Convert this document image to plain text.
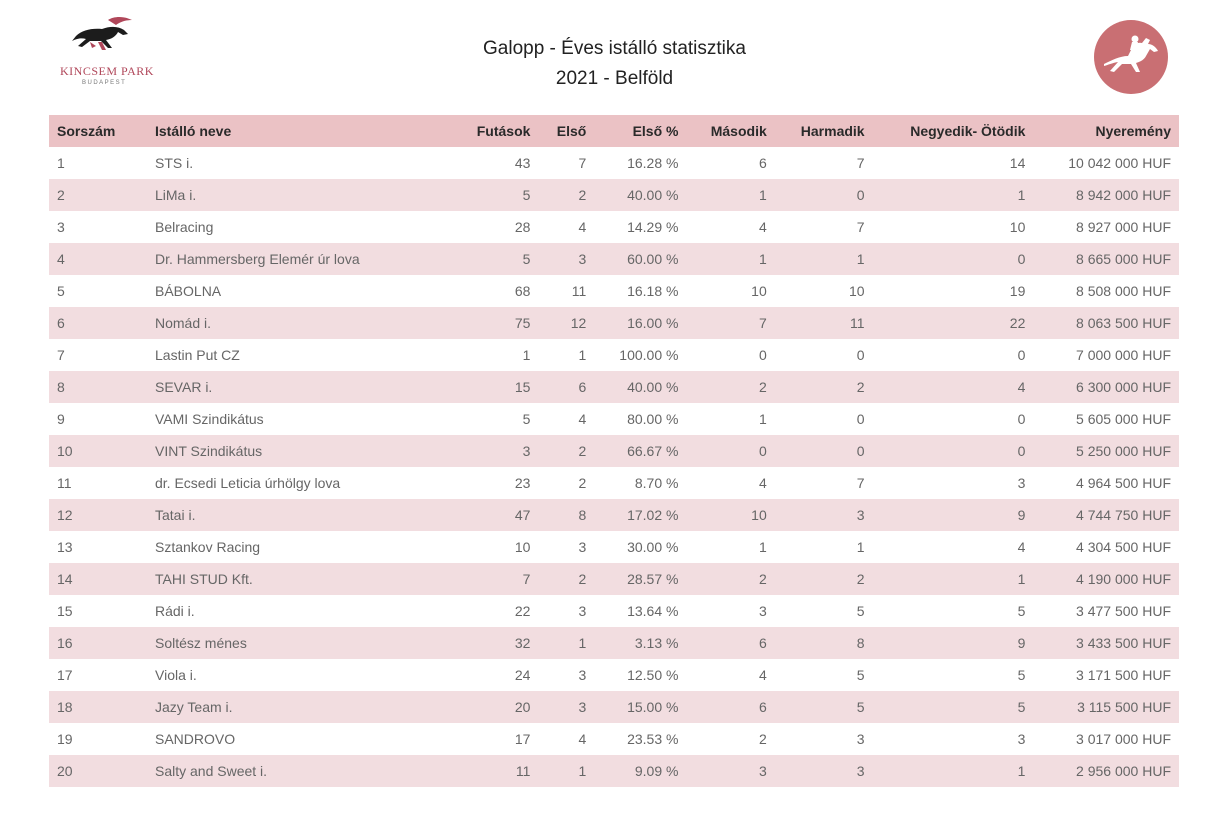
KINCSEM PARK
BUDAPEST
Galopp - Éves istálló statisztika
2021 - Belföld
Sorszám	Istálló neve	Futások	Első	Első %	Második	Harmadik	Negyedik- Ötödik	Nyeremény
1	STS i.	43	7	16.28 %	6	7	14	10 042 000 HUF
2	LiMa i.	5	2	40.00 %	1	0	1	8 942 000 HUF
3	Belracing	28	4	14.29 %	4	7	10	8 927 000 HUF
4	Dr. Hammersberg Elemér úr lova	5	3	60.00 %	1	1	0	8 665 000 HUF
5	BÁBOLNA	68	11	16.18 %	10	10	19	8 508 000 HUF
6	Nomád i.	75	12	16.00 %	7	11	22	8 063 500 HUF
7	Lastin Put CZ	1	1	100.00 %	0	0	0	7 000 000 HUF
8	SEVAR i.	15	6	40.00 %	2	2	4	6 300 000 HUF
9	VAMI Szindikátus	5	4	80.00 %	1	0	0	5 605 000 HUF
10	VINT Szindikátus	3	2	66.67 %	0	0	0	5 250 000 HUF
11	dr. Ecsedi Leticia úrhölgy lova	23	2	8.70 %	4	7	3	4 964 500 HUF
12	Tatai i.	47	8	17.02 %	10	3	9	4 744 750 HUF
13	Sztankov Racing	10	3	30.00 %	1	1	4	4 304 500 HUF
14	TAHI STUD Kft.	7	2	28.57 %	2	2	1	4 190 000 HUF
15	Rádi i.	22	3	13.64 %	3	5	5	3 477 500 HUF
16	Soltész ménes	32	1	3.13 %	6	8	9	3 433 500 HUF
17	Viola i.	24	3	12.50 %	4	5	5	3 171 500 HUF
18	Jazy Team i.	20	3	15.00 %	6	5	5	3 115 500 HUF
19	SANDROVO	17	4	23.53 %	2	3	3	3 017 000 HUF
20	Salty and Sweet i.	11	1	9.09 %	3	3	1	2 956 000 HUF
